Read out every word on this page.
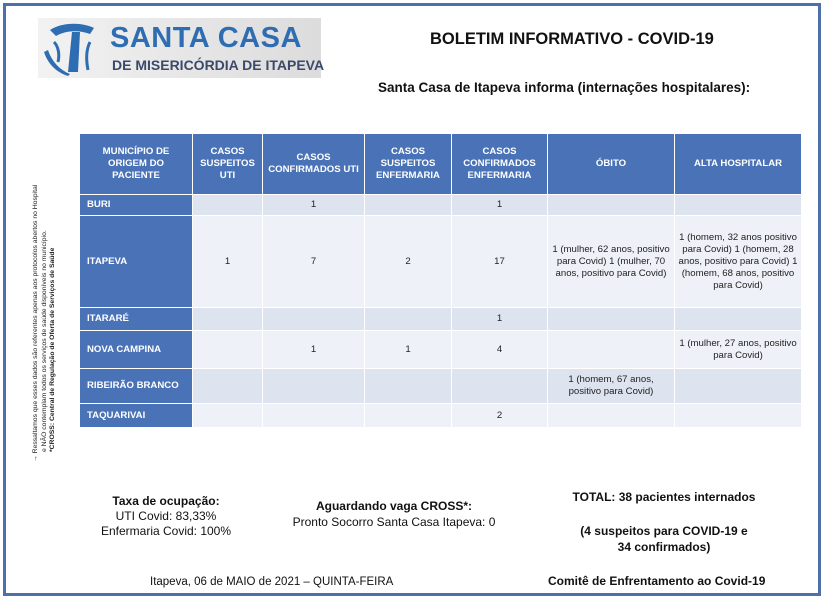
SANTA CASA
DE MISERICÓRDIA DE ITAPEVA
BOLETIM INFORMATIVO - COVID-19
Santa Casa de Itapeva informa (internações hospitalares):
→ Ressaltamos que esses dados são referentes apenas aos protocolos abertos no Hospital e NÃO contemplam todos os serviços de saúde disponíveis no município. *CROSS: Central de Regulação de Oferta de Serviços de Saúde
MUNICÍPIO DE ORIGEM DO PACIENTE	CASOS SUSPEITOS UTI	CASOS CONFIRMADOS UTI	CASOS SUSPEITOS ENFERMARIA	CASOS CONFIRMADOS ENFERMARIA	ÓBITO	ALTA HOSPITALAR
BURI		1		1		
ITAPEVA	1	7	2	17	1 (mulher, 62 anos, positivo para Covid) 1 (mulher, 70 anos, positivo para Covid)	1 (homem, 32 anos positivo para Covid) 1 (homem, 28 anos, positivo para Covid) 1 (homem, 68 anos, positivo para Covid)
ITARARÉ				1		
NOVA CAMPINA		1	1	4		1 (mulher, 27 anos, positivo para Covid)
RIBEIRÃO BRANCO					1 (homem, 67 anos, positivo para Covid)	
TAQUARIVAI				2		
Taxa de ocupação:
UTI Covid: 83,33%
Enfermaria Covid: 100%
Aguardando vaga CROSS*:
Pronto Socorro Santa Casa Itapeva: 0
TOTAL: 38 pacientes internados
(4 suspeitos para COVID-19 e
34 confirmados)
Itapeva, 06 de MAIO de 2021 – QUINTA-FEIRA	Comitê de Enfrentamento ao Covid-19
